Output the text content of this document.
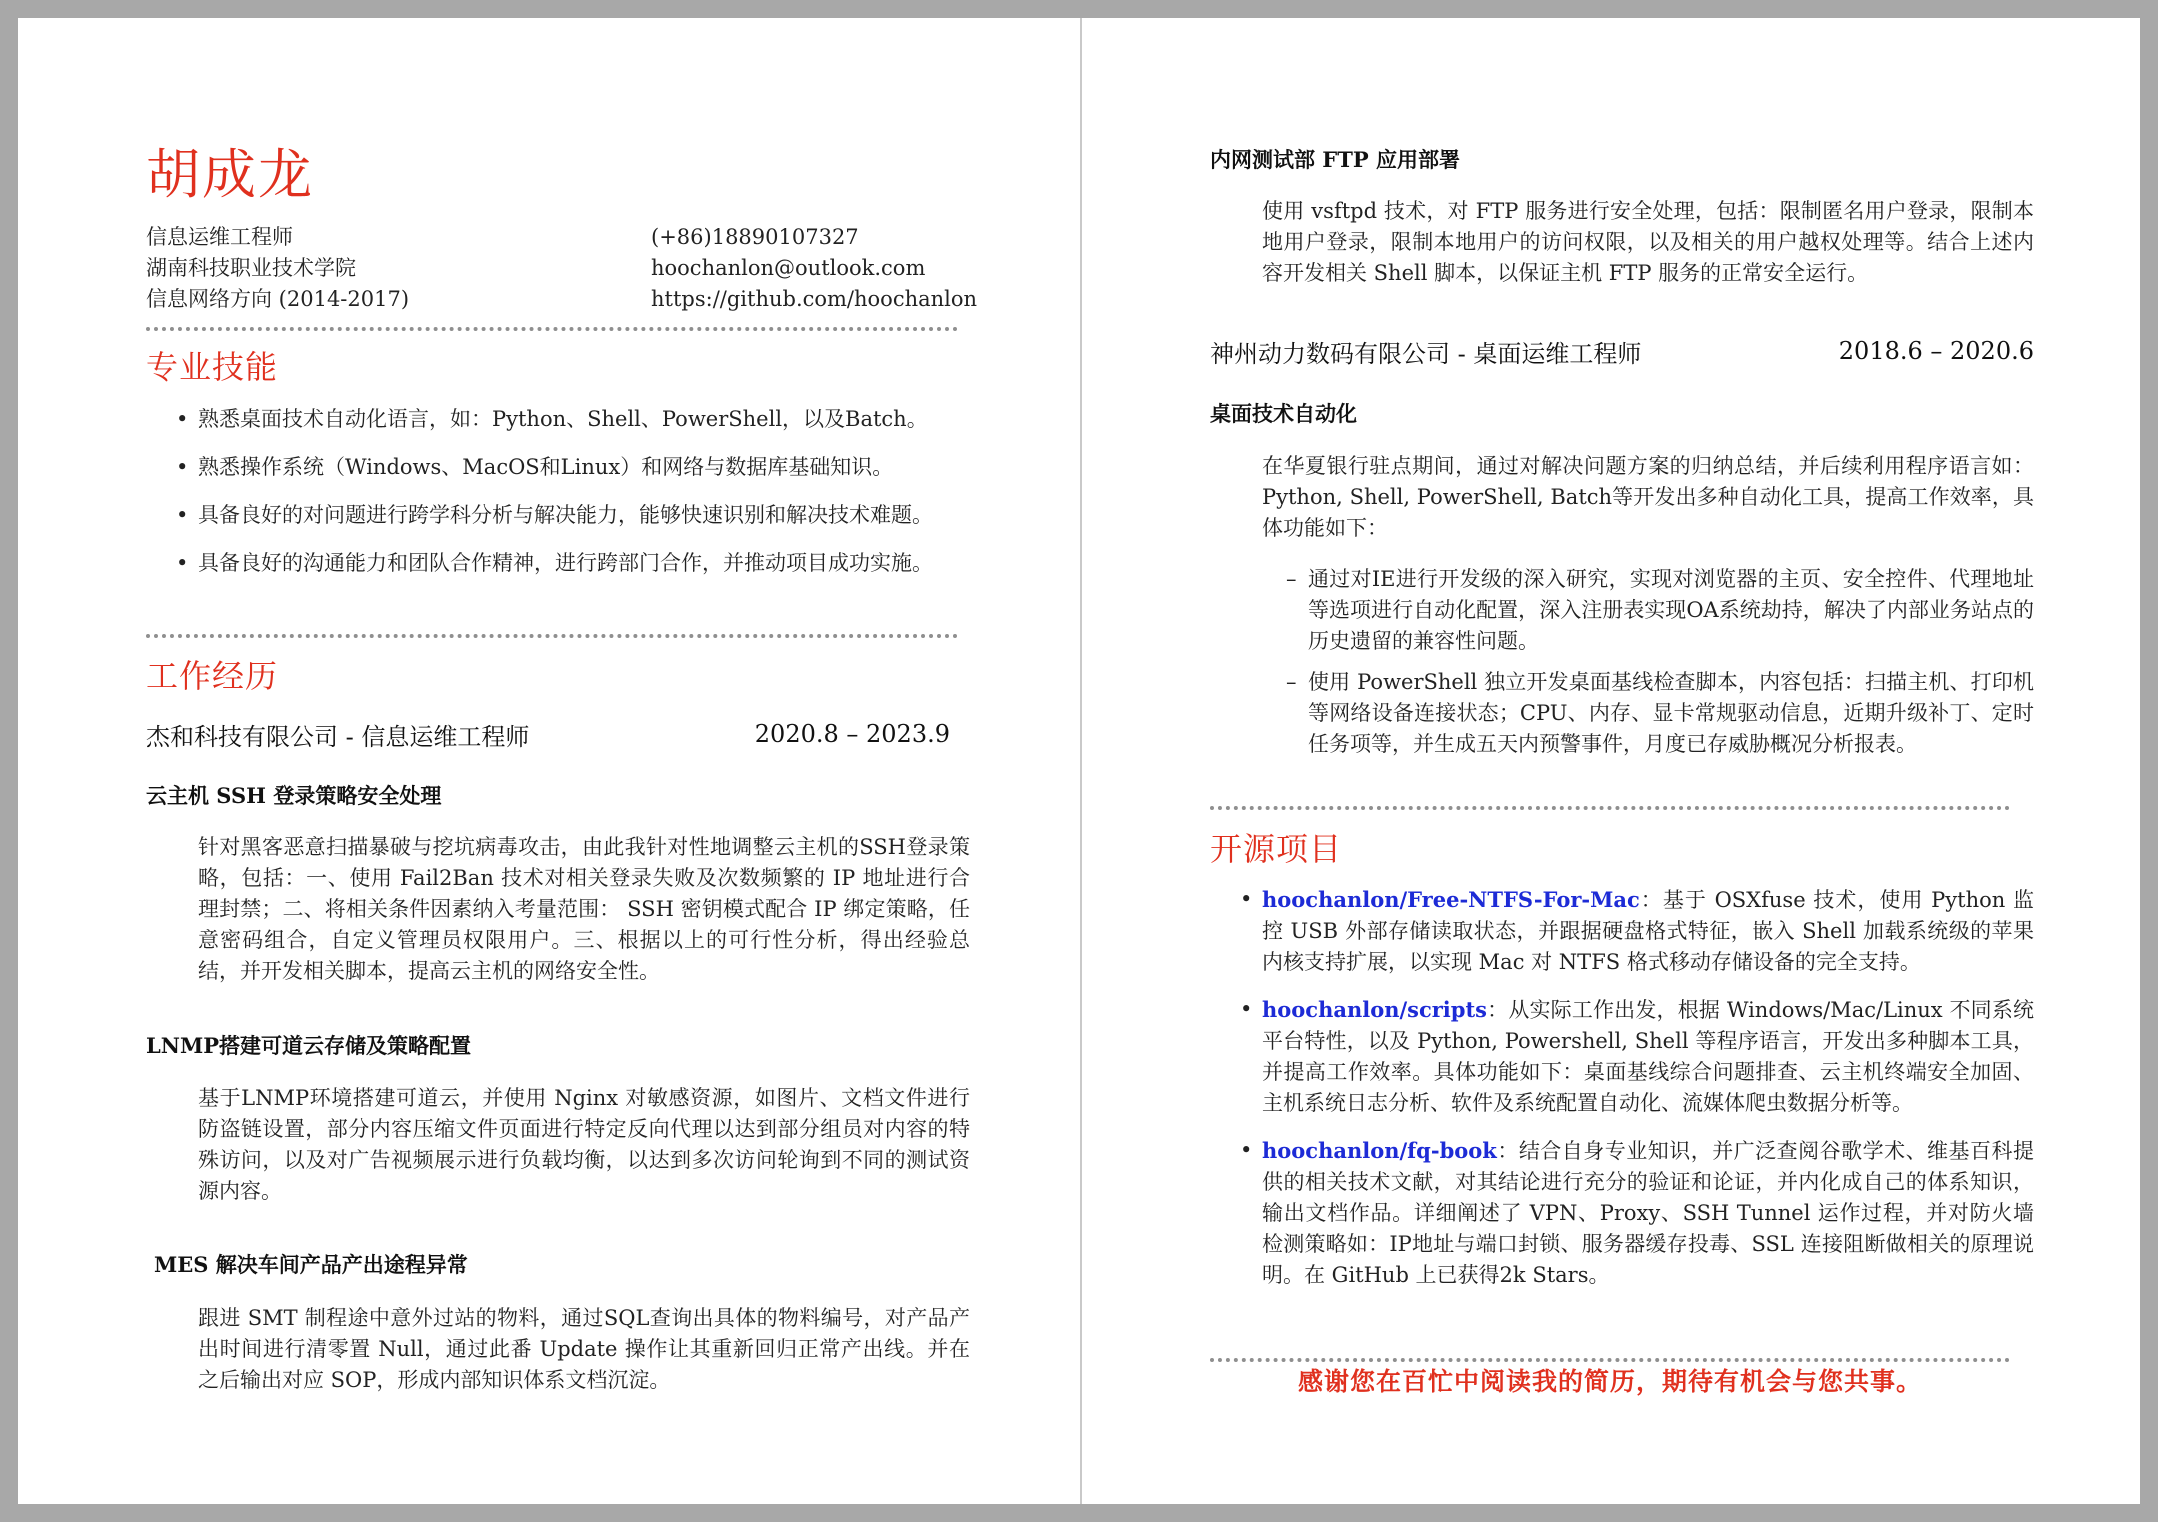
胡成龙
信息运维工程师
湖南科技职业技术学院
信息网络方向 (2014-2017)
(+86)18890107327
hoochanlon@outlook.com
https://github.com/hoochanlon
专业技能
• 熟悉桌面技术自动化语言，如：Python、Shell、PowerShell，以及Batch。
• 熟悉操作系统（Windows、MacOS和Linux）和网络与数据库基础知识。
• 具备良好的对问题进行跨学科分析与解决能力，能够快速识别和解决技术难题。
• 具备良好的沟通能力和团队合作精神，进行跨部门合作，并推动项目成功实施。
工作经历
杰和科技有限公司 - 信息运维工程师	2020.8 – 2023.9
云主机 SSH 登录策略安全处理
针对黑客恶意扫描暴破与挖坑病毒攻击，由此我针对性地调整云主机的SSH登录策略，包括：一、使用 Fail2Ban 技术对相关登录失败及次数频繁的 IP 地址进行合理封禁；二、将相关条件因素纳入考量范围： SSH 密钥模式配合 IP 绑定策略，任意密码组合，自定义管理员权限用户。三、根据以上的可行性分析，得出经验总结，并开发相关脚本，提高云主机的网络安全性。
LNMP搭建可道云存储及策略配置
基于LNMP环境搭建可道云，并使用 Nginx 对敏感资源，如图片、文档文件进行防盗链设置，部分内容压缩文件页面进行特定反向代理以达到部分组员对内容的特殊访问，以及对广告视频展示进行负载均衡，以达到多次访问轮询到不同的测试资源内容。
MES 解决车间产品产出途程异常
跟进 SMT 制程途中意外过站的物料，通过SQL查询出具体的物料编号，对产品产出时间进行清零置 Null，通过此番 Update 操作让其重新回归正常产出线。并在之后输出对应 SOP，形成内部知识体系文档沉淀。
内网测试部 FTP 应用部署
使用 vsftpd 技术，对 FTP 服务进行安全处理，包括：限制匿名用户登录，限制本地用户登录，限制本地用户的访问权限，以及相关的用户越权处理等。结合上述内容开发相关 Shell 脚本，以保证主机 FTP 服务的正常安全运行。
神州动力数码有限公司 - 桌面运维工程师	2018.6 – 2020.6
桌面技术自动化
在华夏银行驻点期间，通过对解决问题方案的归纳总结，并后续利用程序语言如：Python, Shell, PowerShell, Batch等开发出多种自动化工具，提高工作效率，具体功能如下：
– 通过对IE进行开发级的深入研究，实现对浏览器的主页、安全控件、代理地址等选项进行自动化配置，深入注册表实现OA系统劫持，解决了内部业务站点的历史遗留的兼容性问题。
– 使用 PowerShell 独立开发桌面基线检查脚本，内容包括：扫描主机、打印机等网络设备连接状态；CPU、内存、显卡常规驱动信息，近期升级补丁、定时任务项等，并生成五天内预警事件，月度已存威胁概况分析报表。
开源项目
• hoochanlon/Free-NTFS-For-Mac：基于 OSXfuse 技术，使用 Python 监控 USB 外部存储读取状态，并跟据硬盘格式特征，嵌入 Shell 加载系统级的苹果内核支持扩展，以实现 Mac 对 NTFS 格式移动存储设备的完全支持。
• hoochanlon/scripts：从实际工作出发，根据 Windows/Mac/Linux 不同系统平台特性，以及 Python, Powershell, Shell 等程序语言，开发出多种脚本工具，并提高工作效率。具体功能如下：桌面基线综合问题排查、云主机终端安全加固、主机系统日志分析、软件及系统配置自动化、流媒体爬虫数据分析等。
• hoochanlon/fq-book：结合自身专业知识，并广泛查阅谷歌学术、维基百科提供的相关技术文献，对其结论进行充分的验证和论证，并内化成自己的体系知识，输出文档作品。详细阐述了 VPN、Proxy、SSH Tunnel 运作过程，并对防火墙检测策略如：IP地址与端口封锁、服务器缓存投毒、SSL 连接阻断做相关的原理说明。在 GitHub 上已获得2k Stars。
感谢您在百忙中阅读我的简历，期待有机会与您共事。
